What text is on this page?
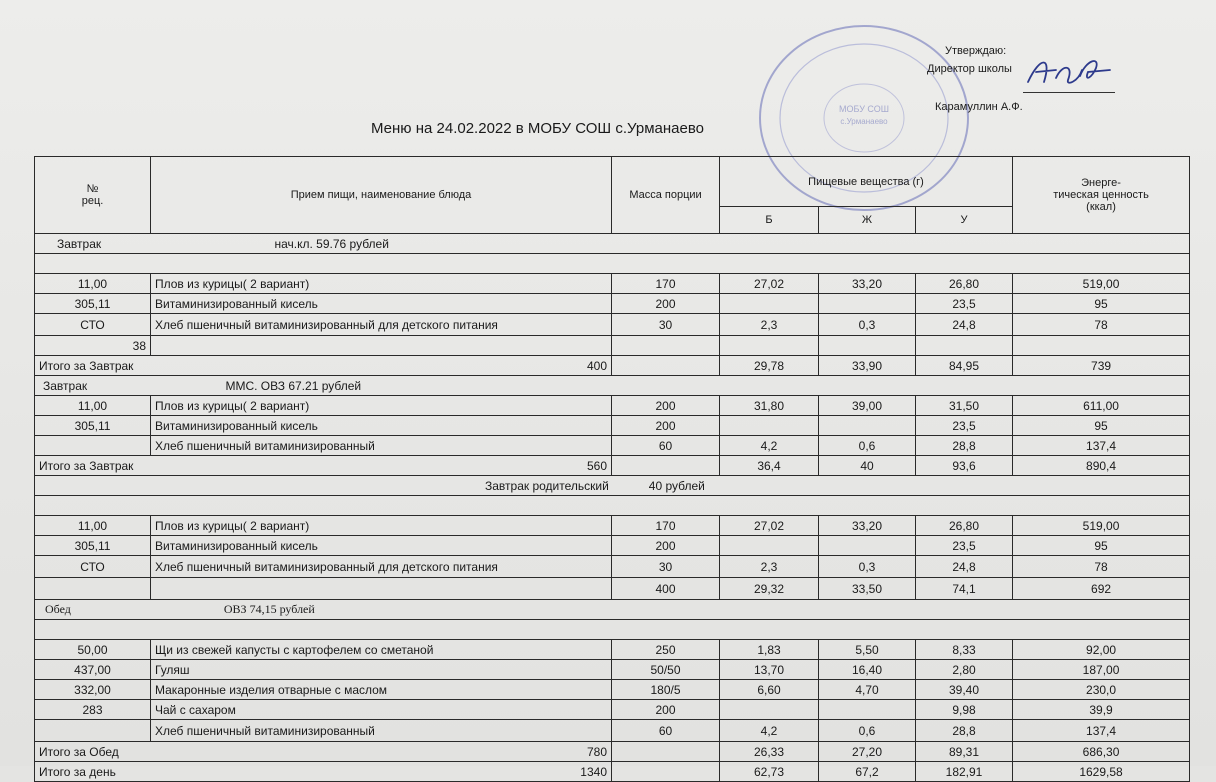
МОБУ СОШ
с.Урманаево
Утверждаю:
Директор школы
Карамуллин А.Ф.
Меню на 24.02.2022 в МОБУ СОШ с.Урманаево
№
рец.	Прием пищи, наименование блюда	Масса порции	Пищевые вещества (г)			Энерге-
тическая ценность
(ккал)
			Б	Ж	У	
Завтрак нач.кл. 59.76 рублей						

11,00	Плов из курицы( 2 вариант)	170	27,02	33,20	26,80	519,00
305,11	Витаминизированный кисель	200			23,5	95
СТО	Хлеб пшеничный витаминизированный для детского питания	30	2,3	0,3	24,8	78
38						
Итого за Завтрак 400			29,78	33,90	84,95	739
Завтрак ММС. ОВЗ 67.21 рублей						
11,00	Плов из курицы( 2 вариант)	200	31,80	39,00	31,50	611,00
305,11	Витаминизированный кисель	200			23,5	95
	Хлеб пшеничный витаминизированный	60	4,2	0,6	28,8	137,4
Итого за Завтрак 560			36,4	40	93,6	890,4
Завтрак родительский            40 рублей						

11,00	Плов из курицы( 2 вариант)	170	27,02	33,20	26,80	519,00
305,11	Витаминизированный кисель	200			23,5	95
СТО	Хлеб пшеничный витаминизированный для детского питания	30	2,3	0,3	24,8	78
		400	29,32	33,50	74,1	692
Обед ОВЗ 74,15 рублей						

50,00	Щи из свежей капусты с картофелем со сметаной	250	1,83	5,50	8,33	92,00
437,00	Гуляш	50/50	13,70	16,40	2,80	187,00
332,00	Макаронные изделия отварные с маслом	180/5	6,60	4,70	39,40	230,0
283	Чай с сахаром	200			9,98	39,9
	Хлеб пшеничный витаминизированный	60	4,2	0,6	28,8	137,4
Итого за Обед 780			26,33	27,20	89,31	686,30
Итого за день 1340			62,73	67,2	182,91	1629,58
